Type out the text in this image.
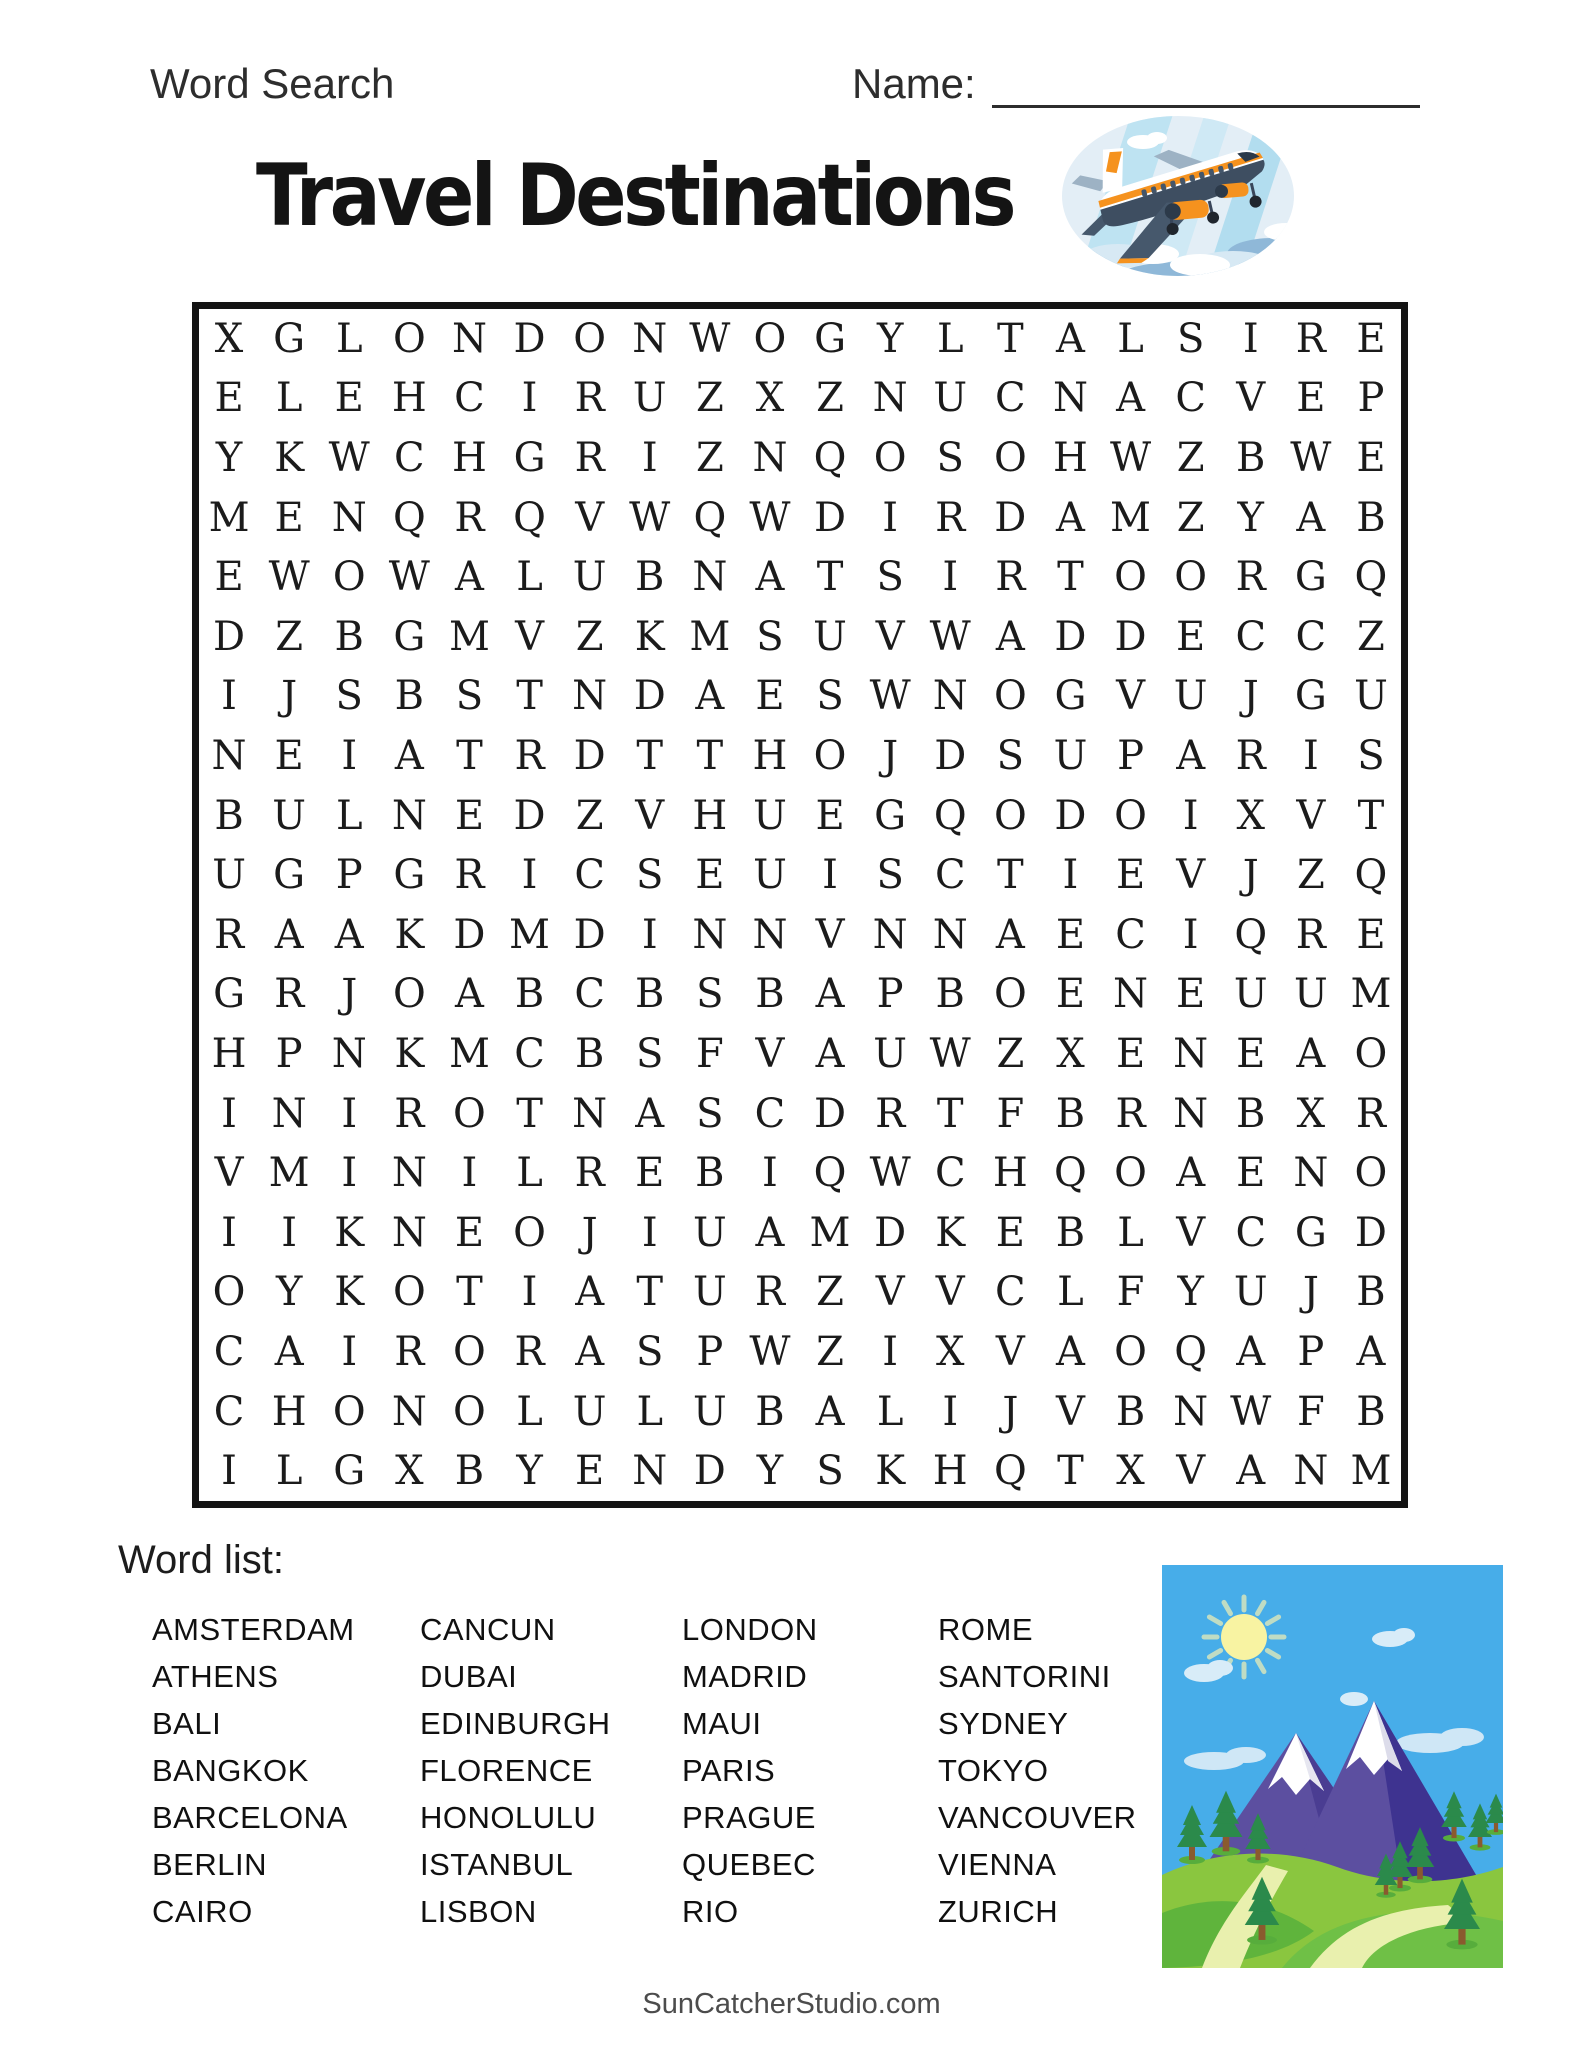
Word Search	Name:
Travel Destinations
X G L O N D O N W O G Y L T A L S I R E
E L E H C I R U Z X Z N U C N A C V E P
Y K W C H G R I Z N Q O S O H W Z B W E
M E N Q R Q V W Q W D I R D A M Z Y A B
E W O W A L U B N A T S I R T O O R G Q
D Z B G M V Z K M S U V W A D D E C C Z
I	J S B S T N D A E S W N O G V U J G U
N E I A T R D T T H O J D S U P A R I S
B U L N E D Z V H U E G Q O D O I X V T
U G P G R I C S E U I S C T I E V J Z Q
R A A K D M D I N N V N N A E C I Q R E
G R J O A B C B S B A P B O E N E U U M
H P N K M C B S F V A U W Z X E N E A O
I N I R O T N A S C D R T F B R N B X R
V M I N I L R E B I Q W C H Q O A E N O
I	I K N E O J	I U A M D K E B L V C G D
O Y K O T I A T U R Z V V C L F Y U J B
C A I R O R A S P W Z I X V A O Q A P A
C H O N O L U L U B A L I	J V B N W F B
I L G X B Y E N D Y S K H Q T X V A N M
Word list:
AMSTERDAM
ATHENS
BALI
BANGKOK
BARCELONA
BERLIN
CAIRO
CANCUN
DUBAI
EDINBURGH
FLORENCE
HONOLULU
ISTANBUL
LISBON
LONDON
MADRID
MAUI
PARIS
PRAGUE
QUEBEC
RIO
ROME
SANTORINI
SYDNEY
TOKYO
VANCOUVER
VIENNA
ZURICH
SunCatcherStudio.com
